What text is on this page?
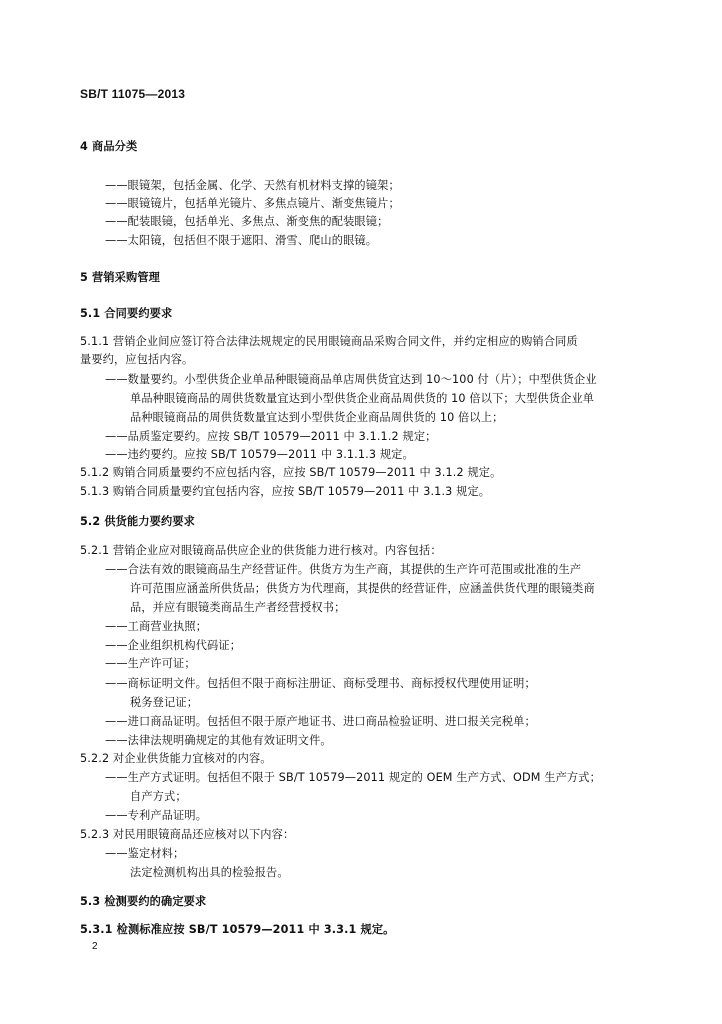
SB/T 11075—2013
4 商品分类
——眼镜架，包括金属、化学、天然有机材料支撑的镜架；
——眼镜镜片，包括单光镜片、多焦点镜片、渐变焦镜片；
——配装眼镜，包括单光、多焦点、渐变焦的配装眼镜；
——太阳镜，包括但不限于遮阳、滑雪、爬山的眼镜。
5 营销采购管理
5.1 合同要约要求
5.1.1 营销企业间应签订符合法律法规规定的民用眼镜商品采购合同文件，并约定相应的购销合同质
量要约，应包括内容。
——数量要约。小型供货企业单品种眼镜商品单店周供货宜达到 10～100 付（片）；中型供货企业
单品种眼镜商品的周供货数量宜达到小型供货企业商品周供货的 10 倍以下；大型供货企业单
品种眼镜商品的周供货数量宜达到小型供货企业商品周供货的 10 倍以上；
——品质鉴定要约。应按 SB/T 10579—2011 中 3.1.1.2 规定；
——违约要约。应按 SB/T 10579—2011 中 3.1.1.3 规定。
5.1.2 购销合同质量要约不应包括内容，应按 SB/T 10579—2011 中 3.1.2 规定。
5.1.3 购销合同质量要约宜包括内容，应按 SB/T 10579—2011 中 3.1.3 规定。
5.2 供货能力要约要求
5.2.1 营销企业应对眼镜商品供应企业的供货能力进行核对。内容包括：
——合法有效的眼镜商品生产经营证件。供货方为生产商，其提供的生产许可范围或批准的生产
许可范围应涵盖所供货品；供货方为代理商，其提供的经营证件，应涵盖供货代理的眼镜类商
品，并应有眼镜类商品生产者经营授权书；
——工商营业执照；
——企业组织机构代码证；
——生产许可证；
——商标证明文件。包括但不限于商标注册证、商标受理书、商标授权代理使用证明；
税务登记证；
——进口商品证明。包括但不限于原产地证书、进口商品检验证明、进口报关完税单；
——法律法规明确规定的其他有效证明文件。
5.2.2 对企业供货能力宜核对的内容。
——生产方式证明。包括但不限于 SB/T 10579—2011 规定的 OEM 生产方式、ODM 生产方式；
自产方式；
——专利产品证明。
5.2.3 对民用眼镜商品还应核对以下内容：
——鉴定材料；
法定检测机构出具的检验报告。
5.3 检测要约的确定要求
5.3.1 检测标准应按 SB/T 10579—2011 中 3.3.1 规定。
2
